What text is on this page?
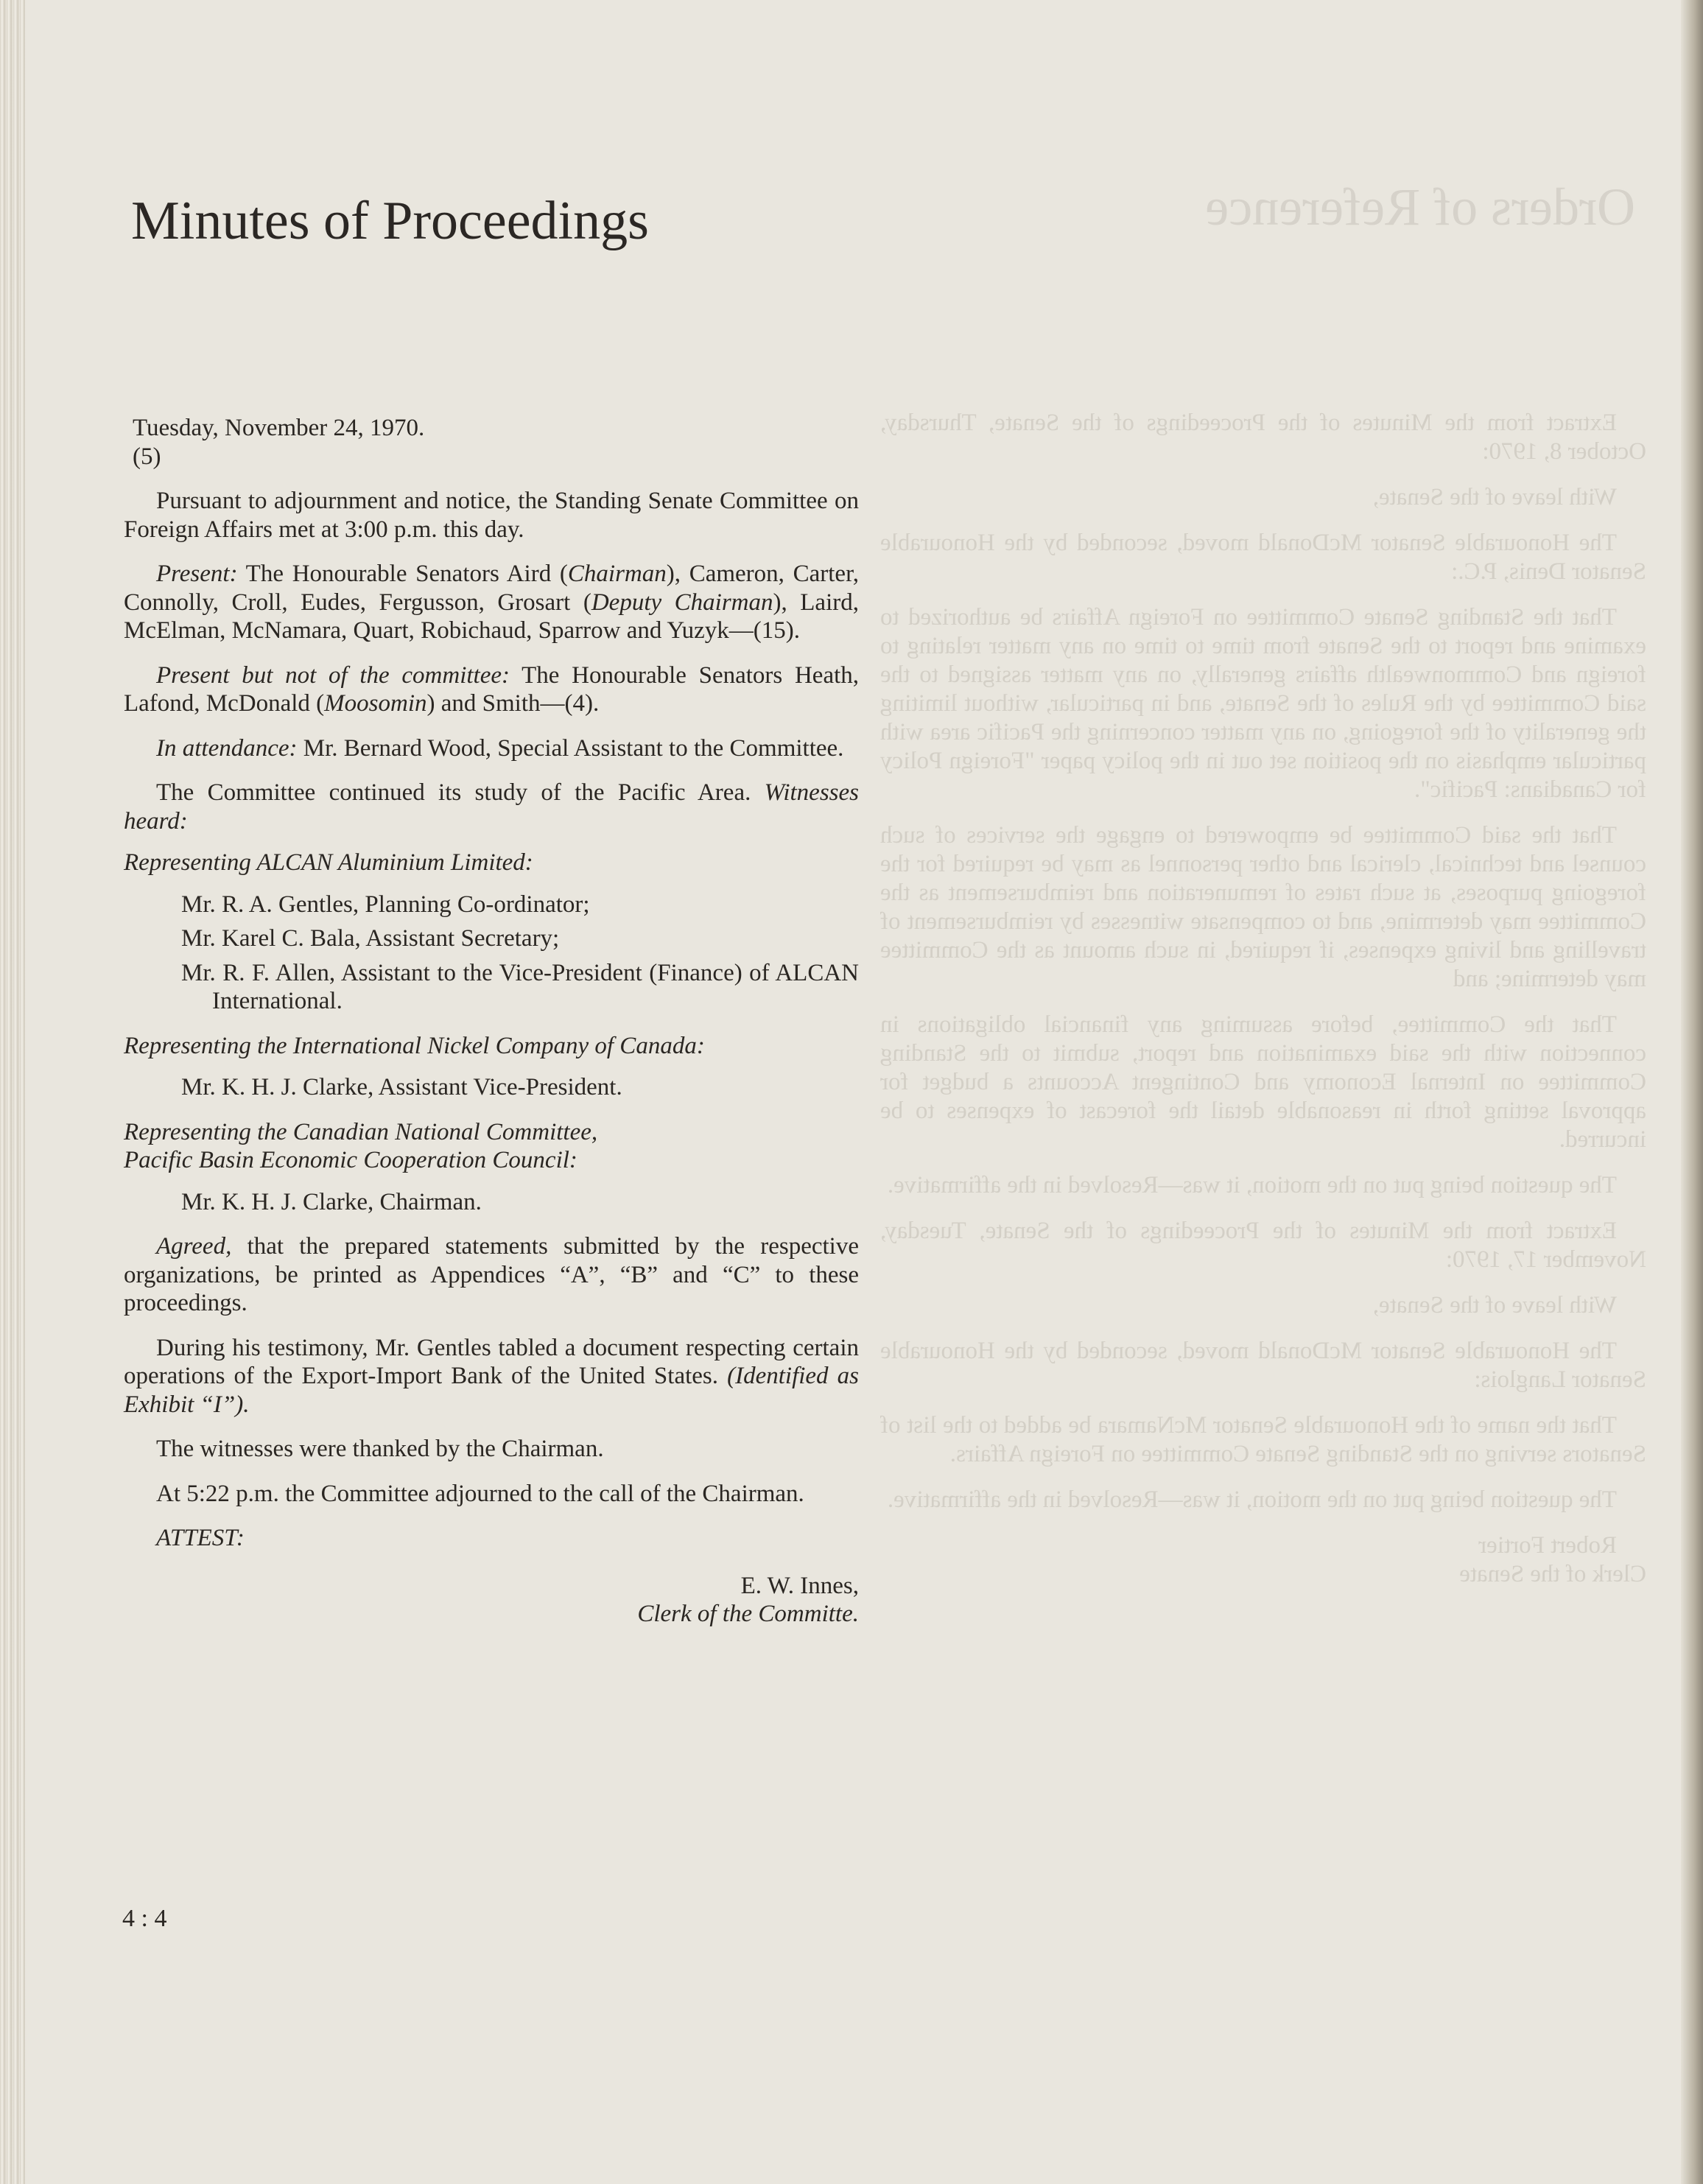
Orders of Reference

Extract from the Minutes of the Proceedings of the Senate, Thursday, October 8, 1970:

With leave of the Senate,

The Honourable Senator McDonald moved, seconded by the Honourable Senator Denis, P.C.:

That the Standing Senate Committee on Foreign Affairs be authorized to examine and report to the Senate from time to time on any matter relating to foreign and Commonwealth affairs generally, on any matter assigned to the said Committee by the Rules of the Senate, and in particular, without limiting the generality of the foregoing, on any matter concerning the Pacific area with particular emphasis on the position set out in the policy paper "Foreign Policy for Canadians: Pacific".

That the said Committee be empowered to engage the services of such counsel and technical, clerical and other personnel as may be required for the foregoing purposes, at such rates of remuneration and reimbursement as the Committee may determine, and to compensate witnesses by reimbursement of travelling and living expenses, if required, in such amount as the Committee may determine; and

That the Committee, before assuming any financial obligations in connection with the said examination and report, submit to the Standing Committee on Internal Economy and Contingent Accounts a budget for approval setting forth in reasonable detail the forecast of expenses to be incurred.

The question being put on the motion, it was—Resolved in the affirmative.

Extract from the Minutes of the Proceedings of the Senate, Tuesday, November 17, 1970:

With leave of the Senate,

The Honourable Senator McDonald moved, seconded by the Honourable Senator Langlois:

That the name of the Honourable Senator McNamara be added to the list of Senators serving on the Standing Senate Committee on Foreign Affairs.

The question being put on the motion, it was—Resolved in the affirmative.

Robert Fortier
Clerk of the Senate

Minutes of Proceedings

Tuesday, November 24, 1970.

(5)

Pursuant to adjournment and notice, the Standing Senate Committee on Foreign Affairs met at 3:00 p.m. this day.

Present: The Honourable Senators Aird (Chairman), Cameron, Carter, Connolly, Croll, Eudes, Fergusson, Grosart (Deputy Chairman), Laird, McElman, McNamara, Quart, Robichaud, Sparrow and Yuzyk—(15).

Present but not of the committee: The Honourable Senators Heath, Lafond, McDonald (Moosomin) and Smith—(4).

In attendance: Mr. Bernard Wood, Special Assistant to the Committee.

The Committee continued its study of the Pacific Area. Witnesses heard:

Representing ALCAN Aluminium Limited:

Mr. R. A. Gentles, Planning Co-ordinator;

Mr. Karel C. Bala, Assistant Secretary;

Mr. R. F. Allen, Assistant to the Vice-President (Finance) of ALCAN International.

Representing the International Nickel Company of Canada:

Mr. K. H. J. Clarke, Assistant Vice-President.

Representing the Canadian National Committee,

Pacific Basin Economic Cooperation Council:

Mr. K. H. J. Clarke, Chairman.

Agreed, that the prepared statements submitted by the respective organizations, be printed as Appendices “A”, “B” and “C” to these proceedings.

During his testimony, Mr. Gentles tabled a document respecting certain operations of the Export-Import Bank of the United States. (Identified as Exhibit “I”).

The witnesses were thanked by the Chairman.

At 5:22 p.m. the Committee adjourned to the call of the Chairman.

ATTEST:

E. W. Innes,

Clerk of the Committe.

4 : 4
